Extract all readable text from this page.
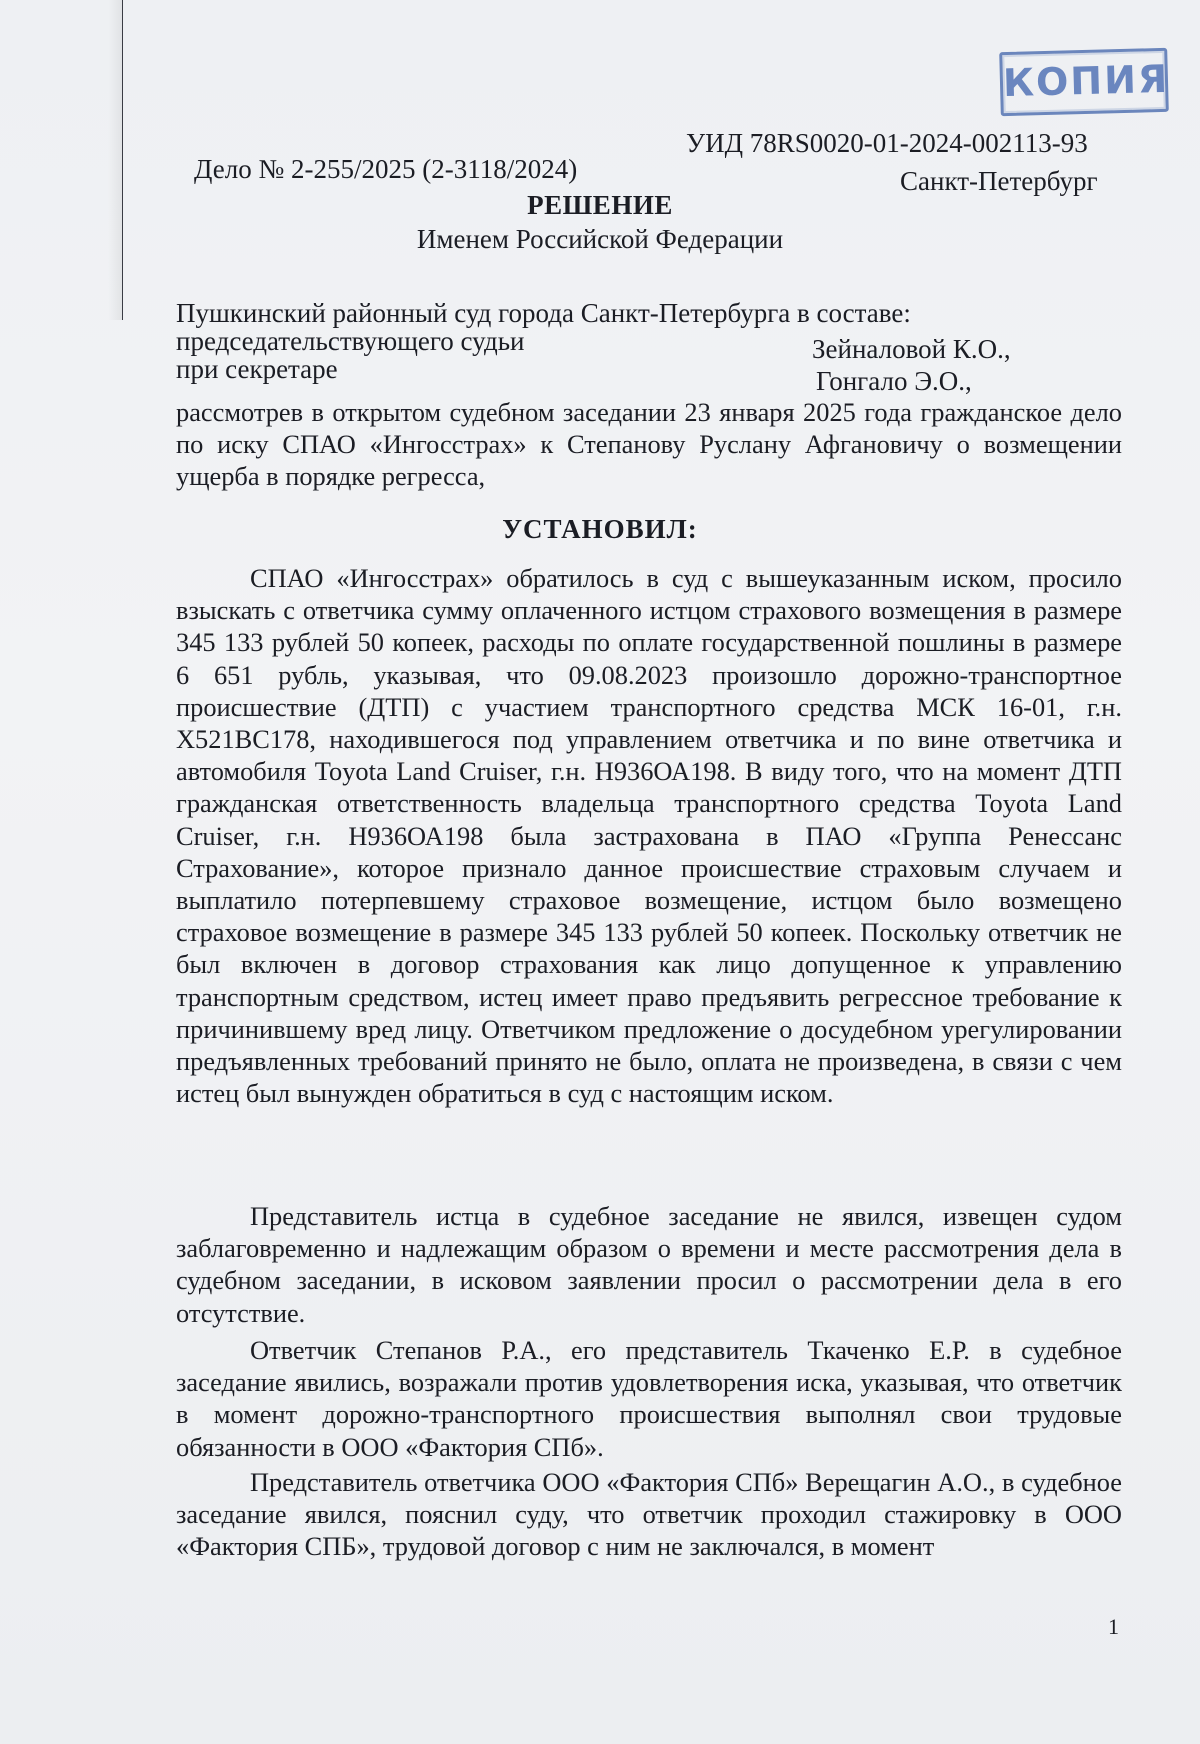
КОПИЯ
УИД 78RS0020-01-2024-002113-93
Дело № 2-255/2025 (2-3118/2024)	Санкт-Петербург
РЕШЕНИЕ
Именем Российской Федерации
Пушкинский районный суд города Санкт-Петербурга в составе:
председательствующего судьи	Зейналовой К.О.,
при секретаре	Гонгало Э.О.,

рассмотрев в открытом судебном заседании 23 января 2025 года гражданское дело по иску СПАО «Ингосстрах» к Степанову Руслану Афгановичу о возмещении ущерба в порядке регресса,

УСТАНОВИЛ:

СПАО «Ингосстрах» обратилось в суд с вышеуказанным иском, просило взыскать с ответчика сумму оплаченного истцом страхового возмещения в размере 345 133 рублей 50 копеек, расходы по оплате государственной пошлины в размере 6 651 рубль, указывая, что 09.08.2023 произошло дорожно-транспортное происшествие (ДТП) с участием транспортного средства МСК 16-01, г.н. Х521ВС178, находившегося под управлением ответчика и по вине ответчика и автомобиля Toyota Land Cruiser, г.н. Н936ОА198. В виду того, что на момент ДТП гражданская ответственность владельца транспортного средства Toyota Land Cruiser, г.н. Н936ОА198 была застрахована в ПАО «Группа Ренессанс Страхование», которое признало данное происшествие страховым случаем и выплатило потерпевшему страховое возмещение, истцом было возмещено страховое возмещение в размере 345 133 рублей 50 копеек. Поскольку ответчик не был включен в договор страхования как лицо допущенное к управлению транспортным средством, истец имеет право предъявить регрессное требование к причинившему вред лицу. Ответчиком предложение о досудебном урегулировании предъявленных требований принято не было, оплата не произведена, в связи с чем истец был вынужден обратиться в суд с настоящим иском.

Представитель истца в судебное заседание не явился, извещен судом заблаговременно и надлежащим образом о времени и месте рассмотрения дела в судебном заседании, в исковом заявлении просил о рассмотрении дела в его отсутствие.

Ответчик Степанов Р.А., его представитель Ткаченко Е.Р. в судебное заседание явились, возражали против удовлетворения иска, указывая, что ответчик в момент дорожно-транспортного происшествия выполнял свои трудовые обязанности в ООО «Фактория СПб».

Представитель ответчика ООО «Фактория СПб» Верещагин А.О., в судебное заседание явился, пояснил суду, что ответчик проходил стажировку в ООО «Фактория СПБ», трудовой договор с ним не заключался, в момент

1
